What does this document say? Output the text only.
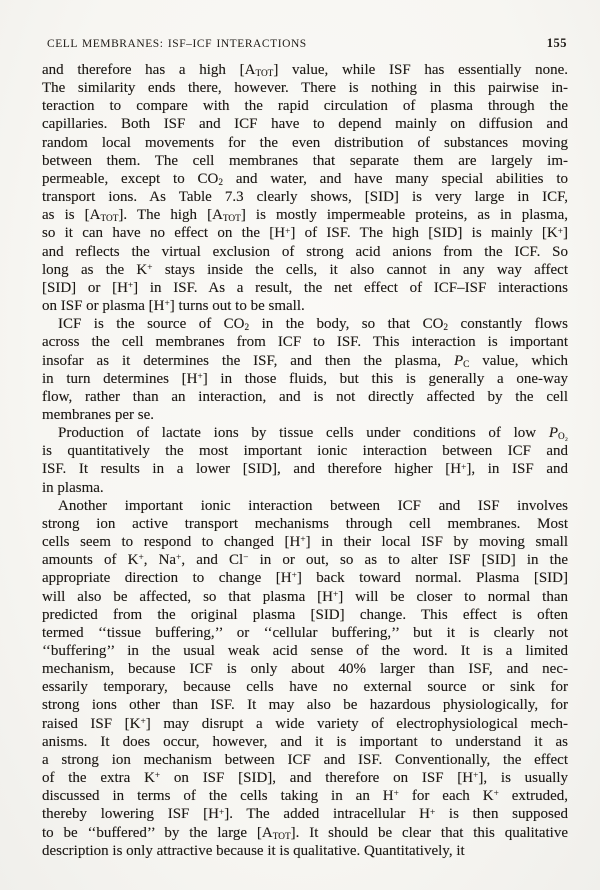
CELL MEMBRANES: ISF–ICF INTERACTIONS	155

and therefore has a high $[A_{TOT}]$ value, while ISF has essentially none.
The similarity ends there, however. There is nothing in this pairwise in-
teraction to compare with the rapid circulation of plasma through the
capillaries. Both ISF and ICF have to depend mainly on diffusion and
random local movements for the even distribution of substances moving
between them. The cell membranes that separate them are largely im-
permeable, except to $CO_2$ and water, and have many special abilities to
transport ions. As Table 7.3 clearly shows, [SID] is very large in ICF,
as is $[A_{TOT}]$. The high $[A_{TOT}]$ is mostly impermeable proteins, as in plasma,
so it can have no effect on the [H+] of ISF. The high [SID] is mainly [K+]
and reflects the virtual exclusion of strong acid anions from the ICF. So
long as the K+ stays inside the cells, it also cannot in any way affect
[SID] or [H+] in ISF. As a result, the net effect of ICF–ISF interactions
on ISF or plasma [H+] turns out to be small.

ICF is the source of $CO_2$ in the body, so that $CO_2$ constantly flows
across the cell membranes from ICF to ISF. This interaction is important
insofar as it determines the ISF, and then the plasma, $P_C$ value, which
in turn determines [H+] in those fluids, but this is generally a one-way
flow, rather than an interaction, and is not directly affected by the cell
membranes per se.

Production of lactate ions by tissue cells under conditions of low $P_{O_2}$
is quantitatively the most important ionic interaction between ICF and
ISF. It results in a lower [SID], and therefore higher [H+], in ISF and
in plasma.

Another important ionic interaction between ICF and ISF involves
strong ion active transport mechanisms through cell membranes. Most
cells seem to respond to changed [H+] in their local ISF by moving small
amounts of K+, Na+, and Cl− in or out, so as to alter ISF [SID] in the
appropriate direction to change [H+] back toward normal. Plasma [SID]
will also be affected, so that plasma [H+] will be closer to normal than
predicted from the original plasma [SID] change. This effect is often
termed ‘‘tissue buffering,’’ or ‘‘cellular buffering,’’ but it is clearly not
‘‘buffering’’ in the usual weak acid sense of the word. It is a limited
mechanism, because ICF is only about 40% larger than ISF, and nec-
essarily temporary, because cells have no external source or sink for
strong ions other than ISF. It may also be hazardous physiologically, for
raised ISF [K+] may disrupt a wide variety of electrophysiological mech-
anisms. It does occur, however, and it is important to understand it as
a strong ion mechanism between ICF and ISF. Conventionally, the effect
of the extra K+ on ISF [SID], and therefore on ISF [H+], is usually
discussed in terms of the cells taking in an H+ for each K+ extruded,
thereby lowering ISF [H+]. The added intracellular H+ is then supposed
to be ‘‘buffered’’ by the large $[A_{TOT}]$. It should be clear that this qualitative
description is only attractive because it is qualitative. Quantitatively, it
